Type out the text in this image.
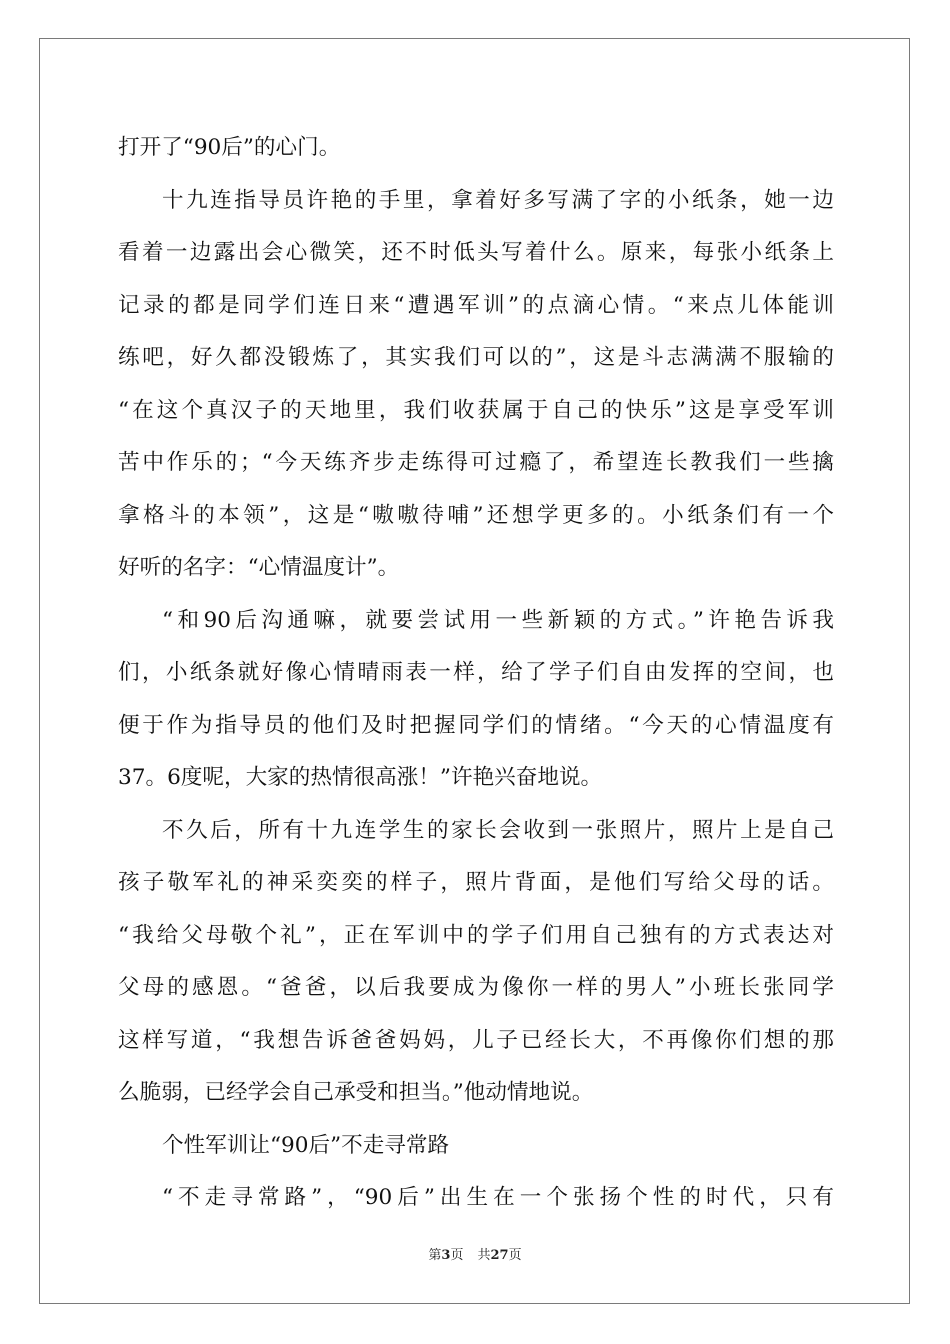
打开了“90后”的心门。
十九连指导员许艳的手里，拿着好多写满了字的小纸条，她一边
看着一边露出会心微笑，还不时低头写着什么。原来，每张小纸条上
记录的都是同学们连日来“遭遇军训”的点滴心情。“来点儿体能训
练吧，好久都没锻炼了，其实我们可以的”，这是斗志满满不服输的
“在这个真汉子的天地里，我们收获属于自己的快乐”这是享受军训
苦中作乐的；“今天练齐步走练得可过瘾了，希望连长教我们一些擒
拿格斗的本领”，这是“嗷嗷待哺”还想学更多的。小纸条们有一个
好听的名字：“心情温度计”。
“和90后沟通嘛，就要尝试用一些新颖的方式。”许艳告诉我
们，小纸条就好像心情晴雨表一样，给了学子们自由发挥的空间，也
便于作为指导员的他们及时把握同学们的情绪。“今天的心情温度有
37。6度呢，大家的热情很高涨！”许艳兴奋地说。
不久后，所有十九连学生的家长会收到一张照片，照片上是自己
孩子敬军礼的神采奕奕的样子，照片背面，是他们写给父母的话。
“我给父母敬个礼”，正在军训中的学子们用自己独有的方式表达对
父母的感恩。“爸爸，以后我要成为像你一样的男人”小班长张同学
这样写道，“我想告诉爸爸妈妈，儿子已经长大，不再像你们想的那
么脆弱，已经学会自己承受和担当。”他动情地说。
个性军训让“90后”不走寻常路
“不走寻常路”，“90后”出生在一个张扬个性的时代，只有
第3页 共27页
